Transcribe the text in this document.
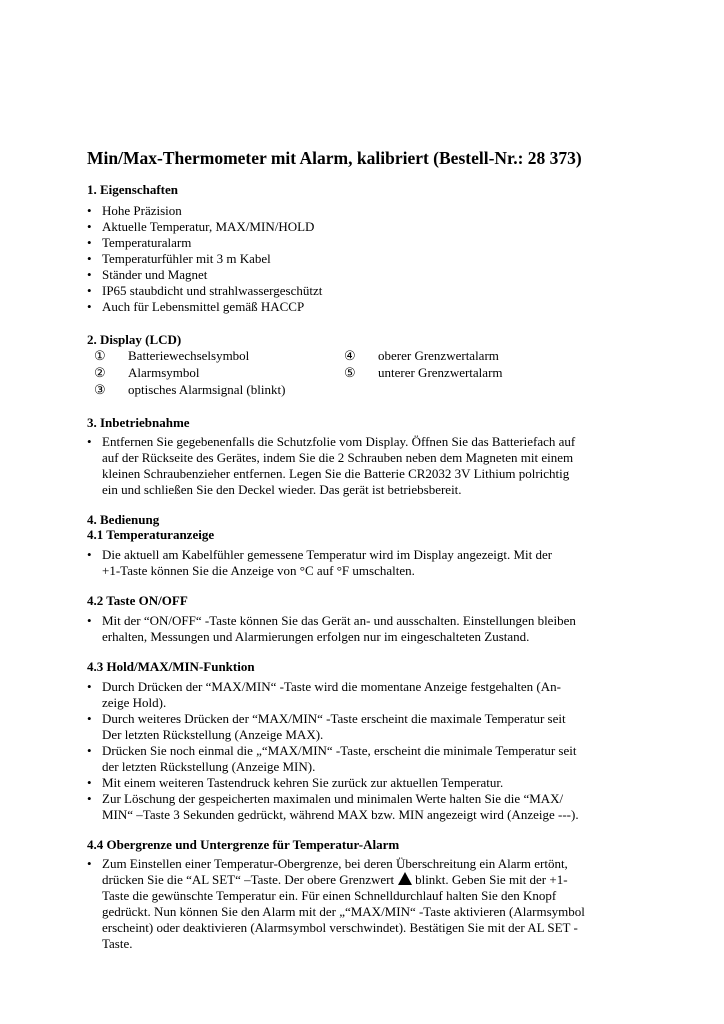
Min/Max-Thermometer mit Alarm, kalibriert (Bestell-Nr.: 28 373)
1. Eigenschaften
• Hohe Präzision
• Aktuelle Temperatur, MAX/MIN/HOLD
• Temperaturalarm
• Temperaturfühler mit 3 m Kabel
• Ständer und Magnet
• IP65 staubdicht und strahlwassergeschützt
• Auch für Lebensmittel gemäß HACCP
2. Display (LCD)
① Batteriewechselsymbol
② Alarmsymbol
③ optisches Alarmsignal (blinkt)
④ oberer Grenzwertalarm
⑤ unterer Grenzwertalarm
3. Inbetriebnahme
• Entfernen Sie gegebenenfalls die Schutzfolie vom Display. Öffnen Sie das Batteriefach auf
auf der Rückseite des Gerätes, indem Sie die 2 Schrauben neben dem Magneten mit einem
kleinen Schraubenzieher entfernen. Legen Sie die Batterie CR2032 3V Lithium polrichtig
ein und schließen Sie den Deckel wieder. Das gerät ist betriebsbereit.
4. Bedienung
4.1 Temperaturanzeige
• Die aktuell am Kabelfühler gemessene Temperatur wird im Display angezeigt. Mit der
+1-Taste können Sie die Anzeige von °C auf °F umschalten.
4.2 Taste ON/OFF
• Mit der “ON/OFF“ -Taste können Sie das Gerät an- und ausschalten. Einstellungen bleiben
erhalten, Messungen und Alarmierungen erfolgen nur im eingeschalteten Zustand.
4.3 Hold/MAX/MIN-Funktion
• Durch Drücken der “MAX/MIN“ -Taste wird die momentane Anzeige festgehalten (An-
zeige Hold).
• Durch weiteres Drücken der “MAX/MIN“ -Taste erscheint die maximale Temperatur seit
Der letzten Rückstellung (Anzeige MAX).
• Drücken Sie noch einmal die „“MAX/MIN“ -Taste, erscheint die minimale Temperatur seit
der letzten Rückstellung (Anzeige MIN).
• Mit einem weiteren Tastendruck kehren Sie zurück zur aktuellen Temperatur.
• Zur Löschung der gespeicherten maximalen und minimalen Werte halten Sie die “MAX/
MIN“ –Taste 3 Sekunden gedrückt, während MAX bzw. MIN angezeigt wird (Anzeige ---).
4.4 Obergrenze und Untergrenze für Temperatur-Alarm
• Zum Einstellen einer Temperatur-Obergrenze, bei deren Überschreitung ein Alarm ertönt,
drücken Sie die “AL SET“ –Taste. Der obere Grenzwert blinkt. Geben Sie mit der +1-
Taste die gewünschte Temperatur ein. Für einen Schnelldurchlauf halten Sie den Knopf
gedrückt. Nun können Sie den Alarm mit der „“MAX/MIN“ -Taste aktivieren (Alarmsymbol
erscheint) oder deaktivieren (Alarmsymbol verschwindet). Bestätigen Sie mit der AL SET -
Taste.
